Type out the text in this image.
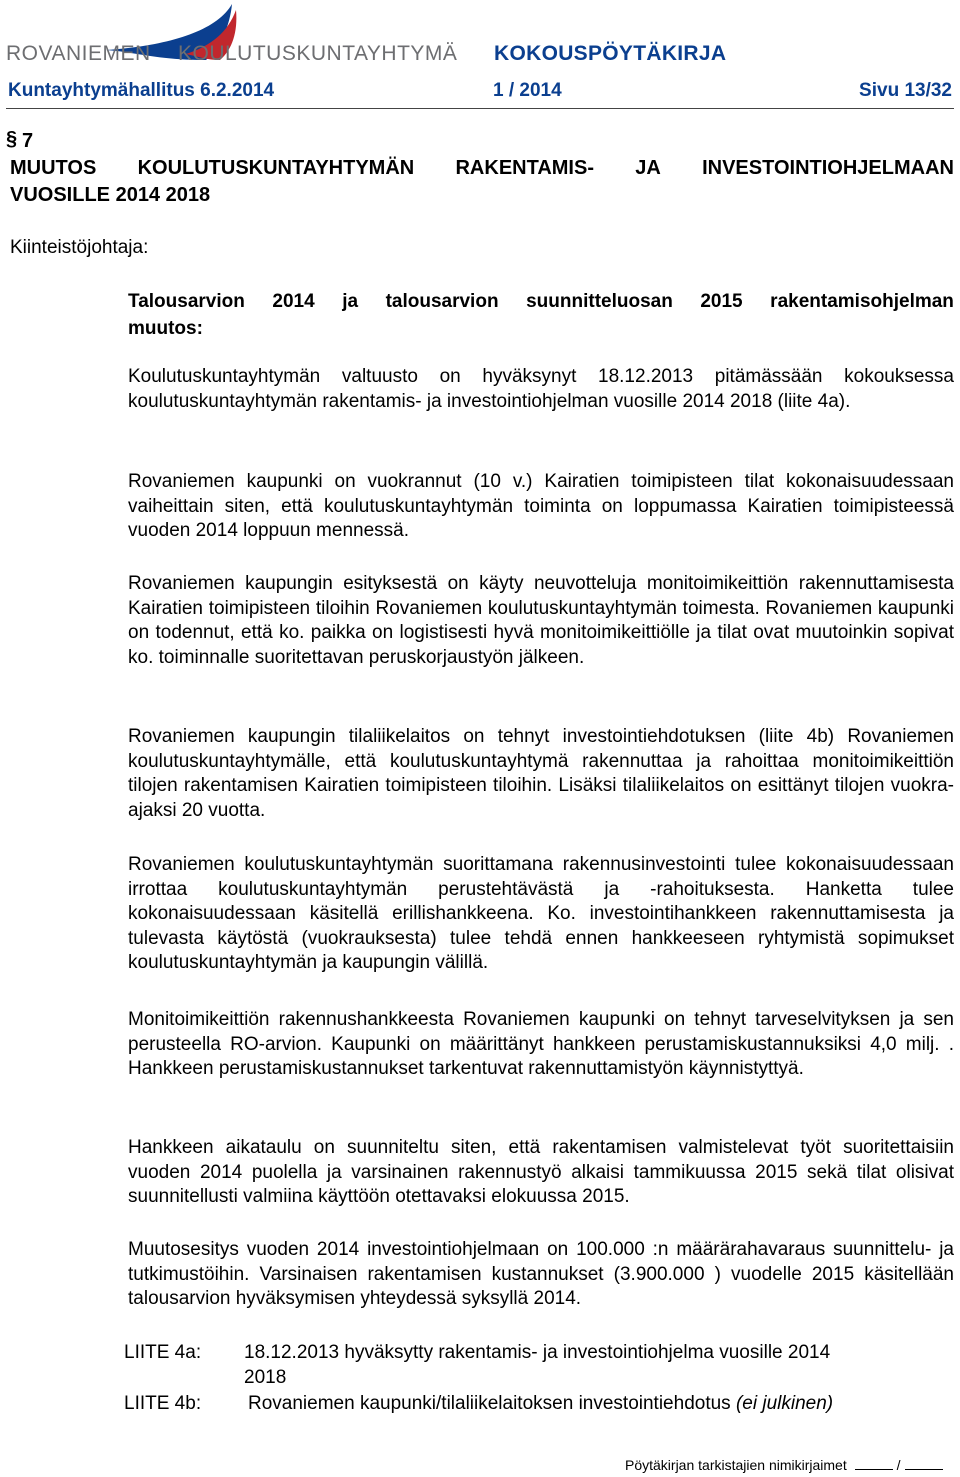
ROVANIEMEN KOULUTUSKUNTAYHTYMÄ KOKOUSPÖYTÄKIRJA
Kuntayhtymähallitus 6.2.2014	1 / 2014	Sivu 13/32
§ 7
MUUTOS KOULUTUSKUNTAYHTYMÄN RAKENTAMIS- JA INVESTOINTIOHJELMAAN
VUOSILLE 2014 2018
Kiinteistöjohtaja:
Talousarvion 2014 ja talousarvion suunnitteluosan 2015 rakentamisohjelman
muutos:

Koulutuskuntayhtymän valtuusto on hyväksynyt 18.12.2013 pitämässään kokouksessa koulutuskuntayhtymän rakentamis- ja investointiohjelman vuosille 2014 2018 (liite 4a).

Rovaniemen kaupunki on vuokrannut (10 v.) Kairatien toimipisteen tilat kokonaisuudessaan vaiheittain siten, että koulutuskuntayhtymän toiminta on loppumassa Kairatien toimipisteessä vuoden 2014 loppuun mennessä.

Rovaniemen kaupungin esityksestä on käyty neuvotteluja monitoimikeittiön rakennuttamisesta Kairatien toimipisteen tiloihin Rovaniemen koulutuskuntayhtymän toimesta. Rovaniemen kaupunki on todennut, että ko. paikka on logistisesti hyvä monitoimikeittiölle ja tilat ovat muutoinkin sopivat ko. toiminnalle suoritettavan peruskorjaustyön jälkeen.

Rovaniemen kaupungin tilaliikelaitos on tehnyt investointiehdotuksen (liite 4b) Rovaniemen koulutuskuntayhtymälle, että koulutuskuntayhtymä rakennuttaa ja rahoittaa monitoimikeittiön tilojen rakentamisen Kairatien toimipisteen tiloihin. Lisäksi tilaliikelaitos on esittänyt tilojen vuokra-ajaksi 20 vuotta.

Rovaniemen koulutuskuntayhtymän suorittamana rakennusinvestointi tulee kokonaisuudessaan irrottaa koulutuskuntayhtymän perustehtävästä ja -rahoituksesta. Hanketta tulee kokonaisuudessaan käsitellä erillishankkeena. Ko. investointihankkeen rakennuttamisesta ja tulevasta käytöstä (vuokrauksesta) tulee tehdä ennen hankkeeseen ryhtymistä sopimukset koulutuskuntayhtymän ja kaupungin välillä.

Monitoimikeittiön rakennushankkeesta Rovaniemen kaupunki on tehnyt tarveselvityksen ja sen perusteella RO-arvion. Kaupunki on määrittänyt hankkeen perustamiskustannuksiksi 4,0 milj. . Hankkeen perustamiskustannukset tarkentuvat rakennuttamistyön käynnistyttyä.

Hankkeen aikataulu on suunniteltu siten, että rakentamisen valmistelevat työt suoritettaisiin vuoden 2014 puolella ja varsinainen rakennustyö alkaisi tammikuussa 2015 sekä tilat olisivat suunnitellusti valmiina käyttöön otettavaksi elokuussa 2015.

Muutosesitys vuoden 2014 investointiohjelmaan on 100.000 :n määrärahavaraus suunnittelu- ja tutkimustöihin. Varsinaisen rakentamisen kustannukset (3.900.000 ) vuodelle 2015 käsitellään talousarvion hyväksymisen yhteydessä syksyllä 2014.

LIITE 4a: 18.12.2013 hyväksytty rakentamis- ja investointiohjelma vuosille 2014
2018
LIITE 4b: Rovaniemen kaupunki/tilaliikelaitoksen investointiehdotus (ei julkinen)
Pöytäkirjan tarkistajien nimikirjaimet	/
